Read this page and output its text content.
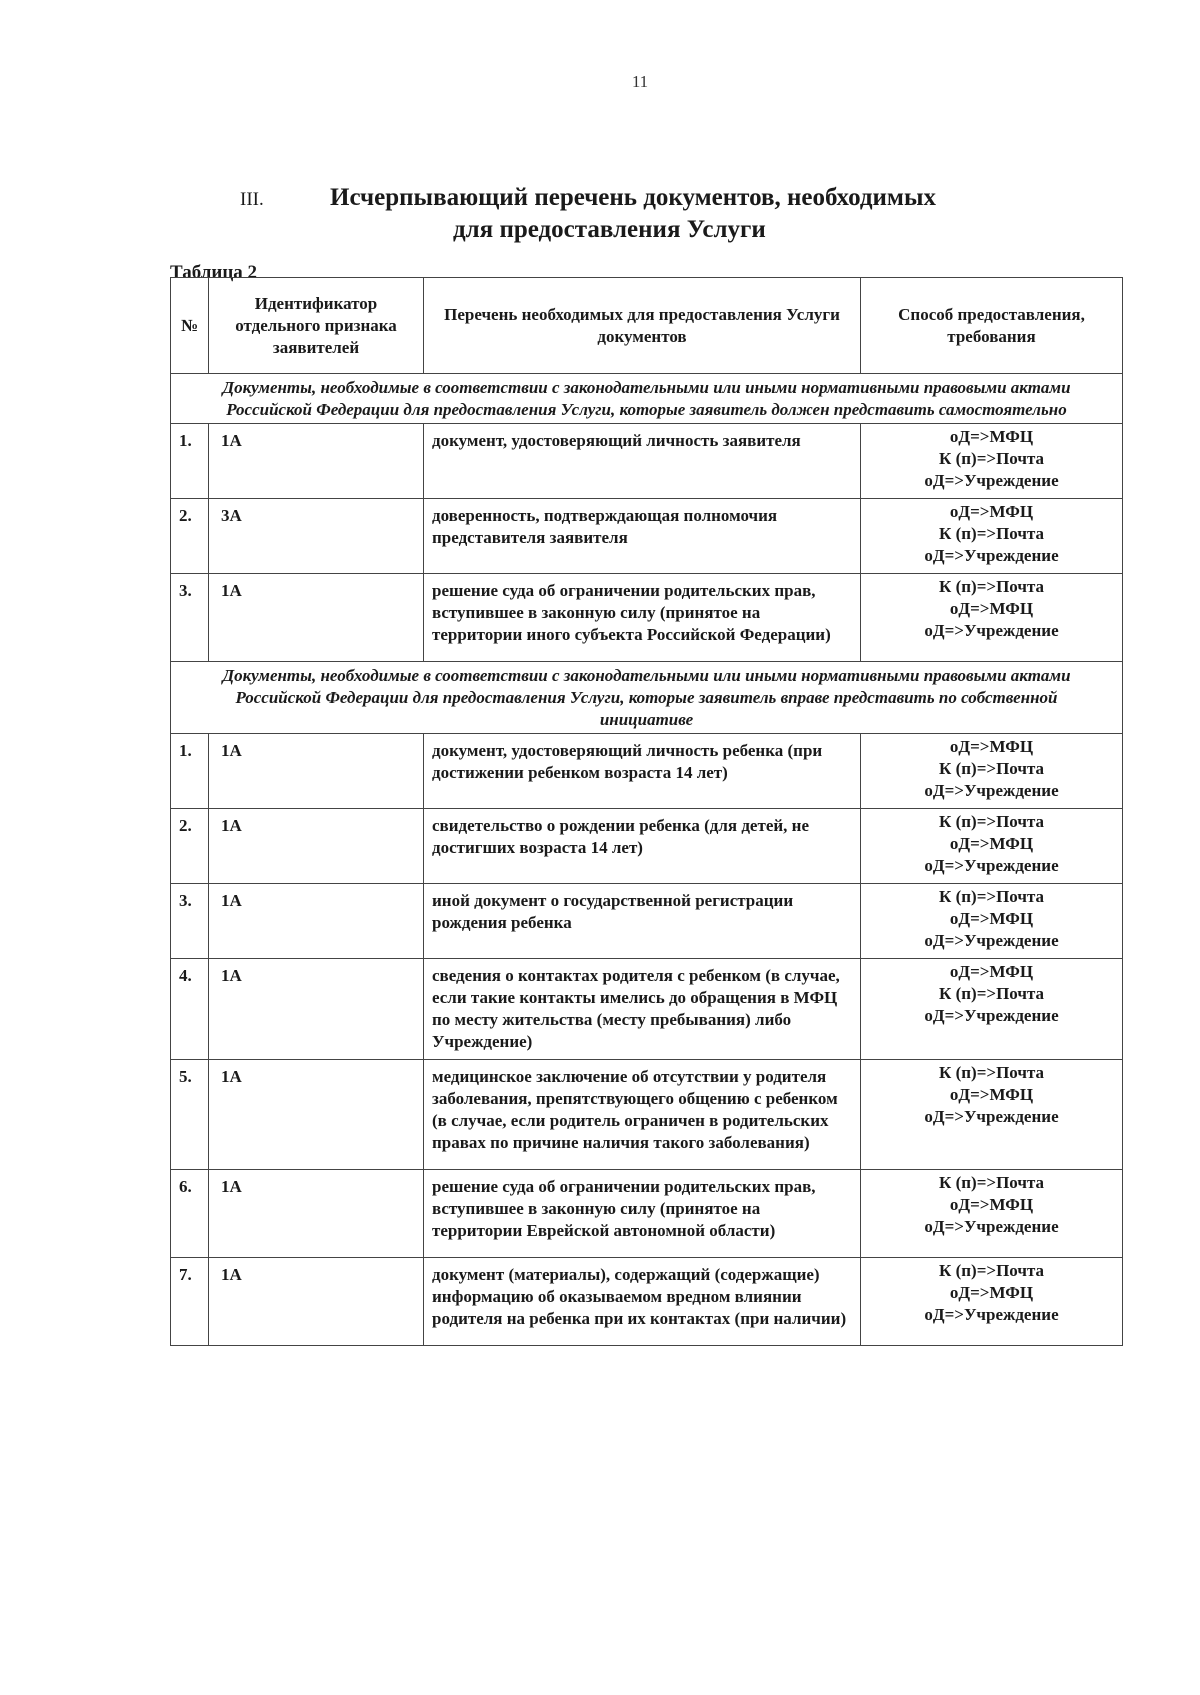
11
III.	Исчерпывающий перечень документов, необходимых
для предоставления Услуги
Таблица 2
№	Идентификатор отдельного признака заявителей	Перечень необходимых для предоставления Услуги документов	Способ предоставления, требования
Документы, необходимые в соответствии с законодательными или иными нормативными правовыми актами Российской Федерации для предоставления Услуги, которые заявитель должен представить самостоятельно			
1.	1А	документ, удостоверяющий личность заявителя	оД=>МФЦ
К (п)=>Почта
оД=>Учреждение

2.	3А	доверенность, подтверждающая полномочия представителя заявителя	оД=>МФЦ
К (п)=>Почта
оД=>Учреждение

3.	1А	решение суда об ограничении родительских прав, вступившее в законную силу (принятое на территории иного субъекта Российской Федерации)	К (п)=>Почта
оД=>МФЦ
оД=>Учреждение

Документы, необходимые в соответствии с законодательными или иными нормативными правовыми актами Российской Федерации для предоставления Услуги, которые заявитель вправе представить по собственной инициативе			
1.	1А	документ, удостоверяющий личность ребенка (при достижении ребенком возраста 14 лет)	оД=>МФЦ
К (п)=>Почта
оД=>Учреждение

2.	1А	свидетельство о рождении ребенка (для детей, не достигших возраста 14 лет)	К (п)=>Почта
оД=>МФЦ
оД=>Учреждение

3.	1А	иной документ о государственной регистрации рождения ребенка	К (п)=>Почта
оД=>МФЦ
оД=>Учреждение

4.	1А	сведения о контактах родителя с ребенком (в случае, если такие контакты имелись до обращения в МФЦ по месту жительства (месту пребывания) либо Учреждение)	оД=>МФЦ
К (п)=>Почта
оД=>Учреждение

5.	1А	медицинское заключение об отсутствии у родителя заболевания, препятствующего общению с ребенком (в случае, если родитель ограничен в родительских правах по причине наличия такого заболевания)	К (п)=>Почта
оД=>МФЦ
оД=>Учреждение

6.	1А	решение суда об ограничении родительских прав, вступившее в законную силу (принятое на территории Еврейской автономной области)	К (п)=>Почта
оД=>МФЦ
оД=>Учреждение

7.	1А	документ (материалы), содержащий (содержащие) информацию об оказываемом вредном влиянии родителя на ребенка при их контактах (при наличии)	К (п)=>Почта
оД=>МФЦ
оД=>Учреждение
